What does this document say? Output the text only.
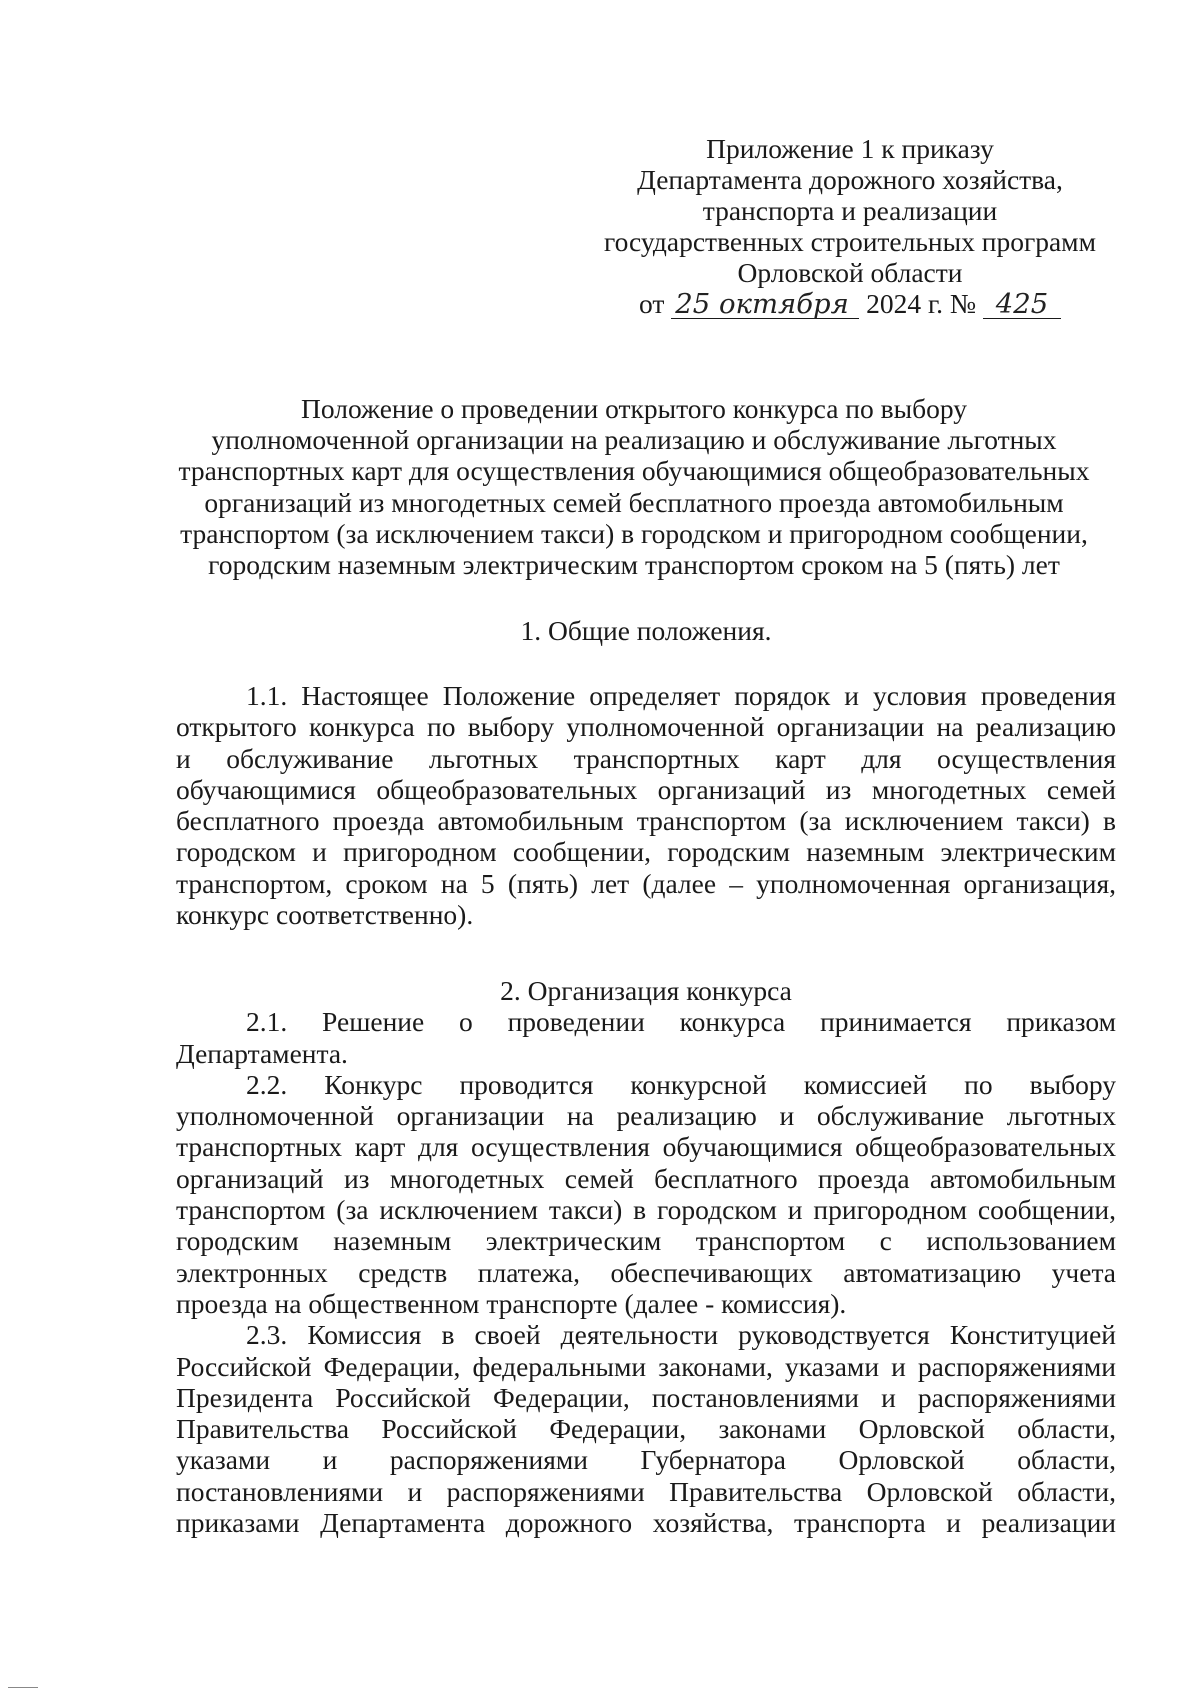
Приложение 1 к приказу
Департамента дорожного хозяйства,
транспорта и реализации
государственных строительных программ
Орловской области
от
25 октября
2024 г. №
425
Положение о проведении открытого конкурса по выбору
уполномоченной организации на реализацию и обслуживание льготных
транспортных карт для осуществления обучающимися общеобразовательных
организаций из многодетных семей бесплатного проезда автомобильным
транспортом (за исключением такси) в городском и пригородном сообщении,
городским наземным электрическим транспортом сроком на 5 (пять) лет
1. Общие положения.
1.1. Настоящее Положение определяет порядок и условия проведения
открытого конкурса по выбору уполномоченной организации на реализацию
и обслуживание льготных транспортных карт для осуществления
обучающимися общеобразовательных организаций из многодетных семей
бесплатного проезда автомобильным транспортом (за исключением такси) в
городском и пригородном сообщении, городским наземным электрическим
транспортом, сроком на 5 (пять) лет (далее – уполномоченная организация,
конкурс соответственно).
2. Организация конкурса
2.1. Решение о проведении конкурса принимается приказом
Департамента.
2.2. Конкурс проводится конкурсной комиссией по выбору
уполномоченной организации на реализацию и обслуживание льготных
транспортных карт для осуществления обучающимися общеобразовательных
организаций из многодетных семей бесплатного проезда автомобильным
транспортом (за исключением такси) в городском и пригородном сообщении,
городским наземным электрическим транспортом с использованием
электронных средств платежа, обеспечивающих автоматизацию учета
проезда на общественном транспорте (далее - комиссия).
2.3. Комиссия в своей деятельности руководствуется Конституцией
Российской Федерации, федеральными законами, указами и распоряжениями
Президента Российской Федерации, постановлениями и распоряжениями
Правительства Российской Федерации, законами Орловской области,
указами и распоряжениями Губернатора Орловской области,
постановлениями и распоряжениями Правительства Орловской области,
приказами Департамента дорожного хозяйства, транспорта и реализации
